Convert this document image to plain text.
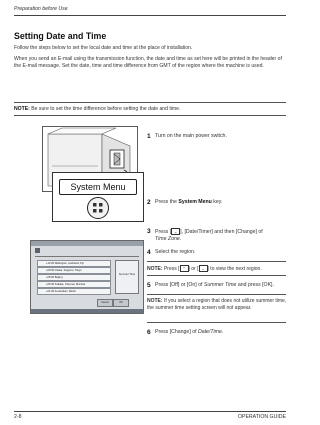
Preparation before Use
Setting Date and Time
Follow the steps below to set the local date and time at the place of installation.
When you send an E-mail using the transmission function, the date and time as set here will be printed in the header of the E-mail message. Set the date, time and time difference from GMT of the region where the machine is used.
NOTE: Be sure to set the time difference before setting the date and time.
System Menu
+12:00 Wellington, Auckland, Fiji
+09:00 Osaka, Sapporo, Tokyo
+08:00 Beijing
+05:30 Kolkata, Chennai, Mumbai
+01:00 Amsterdam, Berlin
Summer Time
Cancel	OK
1 Turn on the main power switch.
2 Press the System Menu key.
3 Press [ ⌄ ], [Date/Timer] and then [Change] of
Time Zone.
4 Select the region.
NOTE: Press [ ⌃ ] or [ ⌄ ] to view the next region.
5 Press [Off] or [On] of Summer Time and press [OK].
NOTE: If you select a region that does not utilize summer time, the summer time setting screen will not appear.
6 Press [Change] of Date/Time.
2-8	OPERATION GUIDE
